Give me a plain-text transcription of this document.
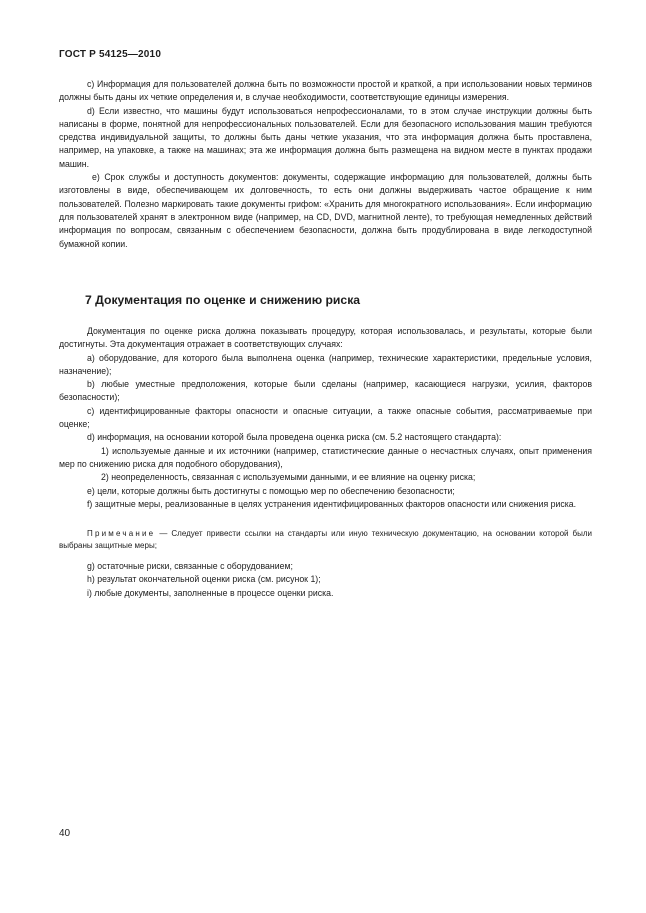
ГОСТ Р 54125—2010

c) Информация для пользователей должна быть по возможности простой и краткой, а при использовании новых терминов должны быть даны их четкие определения и, в случае необходимости, соответствующие единицы измерения.

d) Если известно, что машины будут использоваться непрофессионалами, то в этом случае инструкции должны быть написаны в форме, понятной для непрофессиональных пользователей. Если для безопасного использования машин требуются средства индивидуальной защиты, то должны быть даны четкие указания, что эта информация должна быть проставлена, например, на упаковке, а также на машинах; эта же информация должна быть размещена на видном месте в пунктах продажи машин.

е) Срок службы и доступность документов: документы, содержащие информацию для пользователей, должны быть изготовлены в виде, обеспечивающем их долговечность, то есть они должны выдерживать частое обращение к ним пользователей. Полезно маркировать такие документы грифом: «Хранить для многократного использования». Если информацию для пользователей хранят в электронном виде (например, на CD, DVD, магнитной ленте), то требующая немедленных действий информация по вопросам, связанным с обеспечением безопасности, должна быть продублирована в виде легкодоступной бумажной копии.

7 Документация по оценке и снижению риска

Документация по оценке риска должна показывать процедуру, которая использовалась, и результаты, которые были достигнуты. Эта документация отражает в соответствующих случаях:

а) оборудование, для которого была выполнена оценка (например, технические характеристики, предельные условия, назначение);

b) любые уместные предположения, которые были сделаны (например, касающиеся нагрузки, усилия, факторов безопасности);

с) идентифицированные факторы опасности и опасные ситуации, а также опасные события, рассматриваемые при оценке;

d) информация, на основании которой была проведена оценка риска (см. 5.2 настоящего стандарта):

1) используемые данные и их источники (например, статистические данные о несчастных случаях, опыт применения мер по снижению риска для подобного оборудования),

2) неопределенность, связанная с используемыми данными, и ее влияние на оценку риска;

е) цели, которые должны быть достигнуты с помощью мер по обеспечению безопасности;

f) защитные меры, реализованные в целях устранения идентифицированных факторов опасности или снижения риска.

Примечание — Следует привести ссылки на стандарты или иную техническую документацию, на основании которой были выбраны защитные меры;

g) остаточные риски, связанные с оборудованием;

h) результат окончательной оценки риска (см. рисунок 1);

i) любые документы, заполненные в процессе оценки риска.

40
